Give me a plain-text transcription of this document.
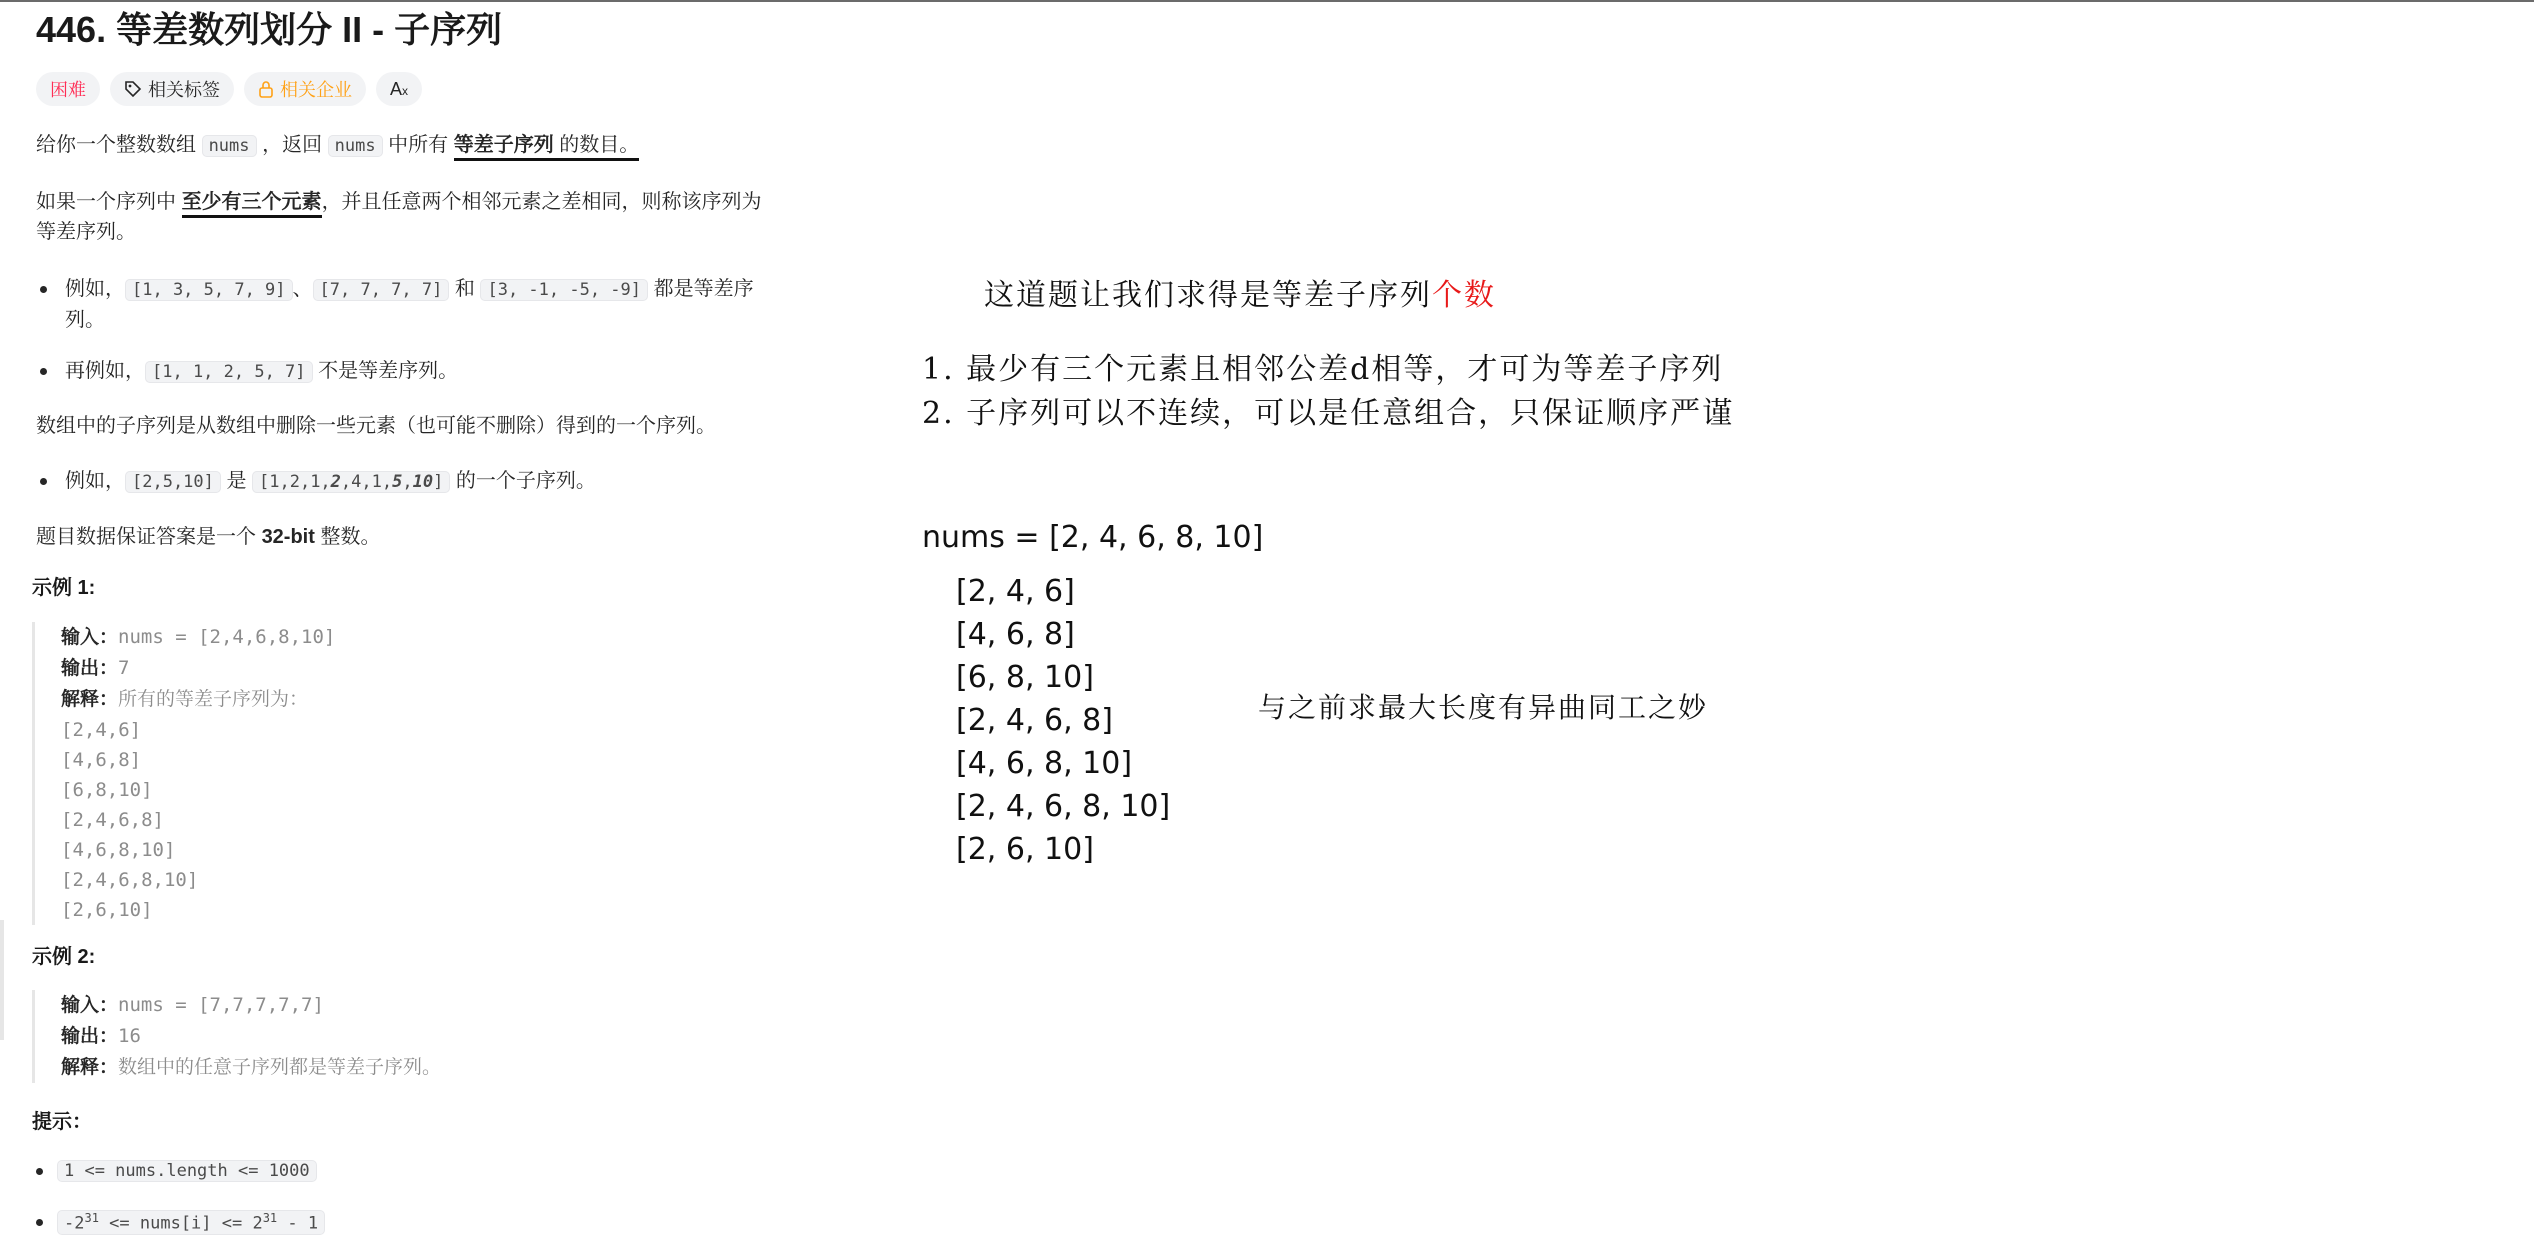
446. 等差数列划分 II - 子序列
困难	相关标签	相关企业 Ax
给你一个整数数组 nums ，返回 nums 中所有 等差子序列 的数目。
如果一个序列中 至少有三个元素，并且任意两个相邻元素之差相同，则称该序列为等差序列。
例如， [1, 3, 5, 7, 9] 、 [7, 7, 7, 7] 和 [3, -1, -5, -9] 都是等差序列。
再例如， [1, 1, 2, 5, 7] 不是等差序列。
数组中的子序列是从数组中删除一些元素（也可能不删除）得到的一个序列。
例如， [2,5,10] 是 [1,2,1,2,4,1,5,10] 的一个子序列。
题目数据保证答案是一个 32-bit 整数。
示例 1:
输入：nums = [2,4,6,8,10]
输出：7
解释：所有的等差子序列为：
[2,4,6]
[4,6,8]
[6,8,10]
[2,4,6,8]
[4,6,8,10]
[2,4,6,8,10]
[2,6,10]
示例 2:
输入：nums = [7,7,7,7,7]
输出：16
解释：数组中的任意子序列都是等差子序列。
提示：
1 <= nums.length <= 1000
$-2^{31}$ <= nums[i] <= $2^{31} - 1$
这道题让我们求得是等差子序列个数
1. 最少有三个元素且相邻公差d相等，才可为等差子序列
2. 子序列可以不连续，可以是任意组合，只保证顺序严谨
nums = [2, 4, 6, 8, 10]
[2, 4, 6]
[4, 6, 8]
[6, 8, 10]
[2, 4, 6, 8]
[4, 6, 8, 10]
[2, 4, 6, 8, 10]
[2, 6, 10]
与之前求最大长度有异曲同工之妙
